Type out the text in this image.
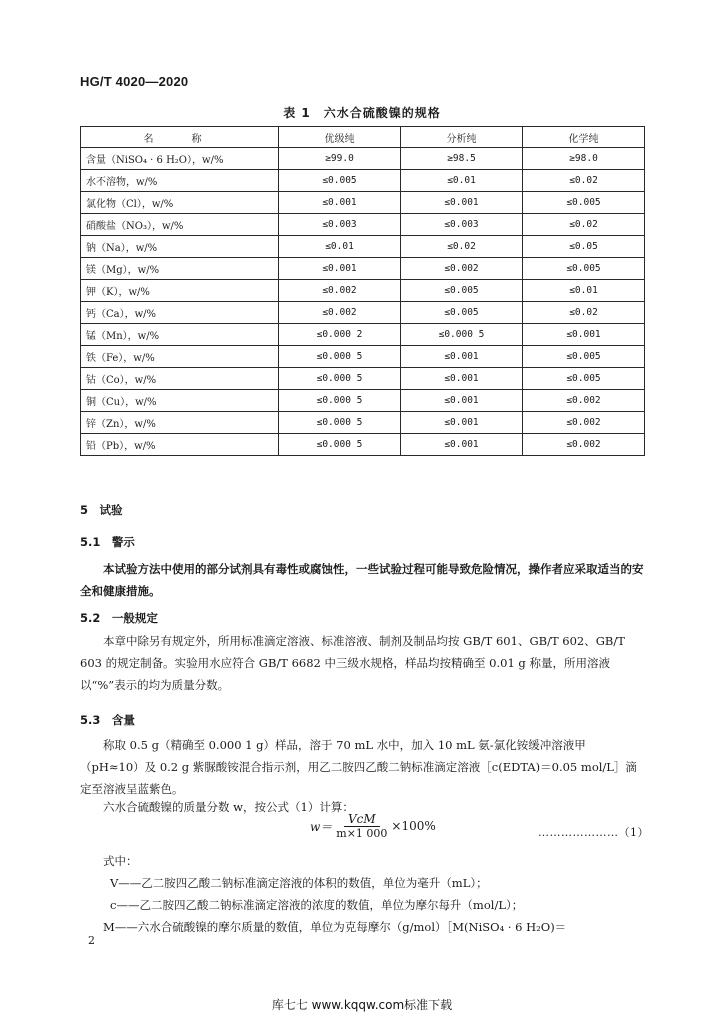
HG/T 4020—2020
表 1　六水合硫酸镍的规格
名　称	优级纯	分析纯	化学纯
含量（NiSO₄ · 6 H₂O），w/%	≥99.0	≥98.5	≥98.0
水不溶物，w/%	≤0.005	≤0.01	≤0.02
氯化物（Cl），w/%	≤0.001	≤0.001	≤0.005
硝酸盐（NO₃），w/%	≤0.003	≤0.003	≤0.02
钠（Na），w/%	≤0.01	≤0.02	≤0.05
镁（Mg），w/%	≤0.001	≤0.002	≤0.005
钾（K），w/%	≤0.002	≤0.005	≤0.01
钙（Ca），w/%	≤0.002	≤0.005	≤0.02
锰（Mn），w/%	≤0.000 2	≤0.000 5	≤0.001
铁（Fe），w/%	≤0.000 5	≤0.001	≤0.005
钴（Co），w/%	≤0.000 5	≤0.001	≤0.005
铜（Cu），w/%	≤0.000 5	≤0.001	≤0.002
锌（Zn），w/%	≤0.000 5	≤0.001	≤0.002
铅（Pb），w/%	≤0.000 5	≤0.001	≤0.002
5　试验
5.1　警示
本试验方法中使用的部分试剂具有毒性或腐蚀性，一些试验过程可能导致危险情况，操作者应采取适当的安全和健康措施。
5.2　一般规定
本章中除另有规定外，所用标准滴定溶液、标准溶液、制剂及制品均按 GB/T 601、GB/T 602、GB/T 603 的规定制备。实验用水应符合 GB/T 6682 中三级水规格，样品均按精确至 0.01 g 称量，所用溶液以“%”表示的均为质量分数。
5.3　含量
称取 0.5 g（精确至 0.000 1 g）样品，溶于 70 mL 水中，加入 10 mL 氨-氯化铵缓冲溶液甲（pH≈10）及 0.2 g 紫脲酸铵混合指示剂，用乙二胺四乙酸二钠标准滴定溶液［c(EDTA)＝0.05 mol/L］滴定至溶液呈蓝紫色。
六水合硫酸镍的质量分数 w，按公式（1）计算：
$w= \frac{\text{VcM}}{m\times 1 000} \times 100\%$	…………………（1）

式中：

V——乙二胺四乙酸二钠标准滴定溶液的体积的数值，单位为毫升（mL）；

c——乙二胺四乙酸二钠标准滴定溶液的浓度的数值，单位为摩尔每升（mol/L）；

M——六水合硫酸镍的摩尔质量的数值，单位为克每摩尔（g/mol）［M(NiSO₄ · 6 H₂O)＝

2
库七七 www.kqqw.com标准下载
